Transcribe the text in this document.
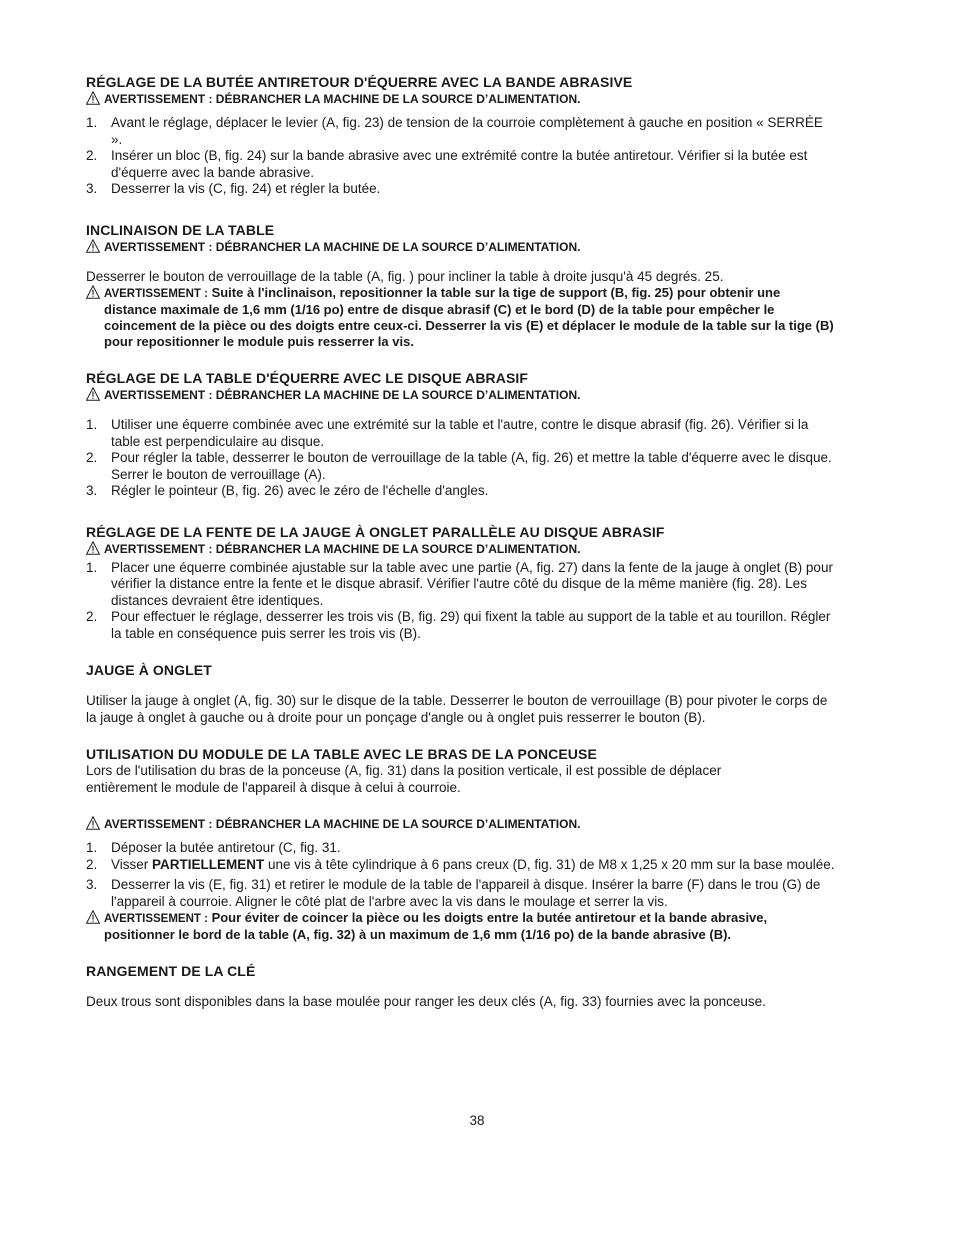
RÉGLAGE DE LA BUTÉE ANTIRETOUR D'ÉQUERRE AVEC LA BANDE ABRASIVE
AVERTISSEMENT : DÉBRANCHER LA MACHINE DE LA SOURCE D’ALIMENTATION.
1.	Avant le réglage, déplacer le levier (A, fig. 23) de tension de la courroie complètement à gauche en position « SERRÉE ».
2.	Insérer un bloc (B, fig. 24) sur la bande abrasive avec une extrémité contre la butée antiretour. Vérifier si la butée est d'équerre avec la bande abrasive.
3.	Desserrer la vis (C, fig. 24) et régler la butée.
INCLINAISON DE LA TABLE
AVERTISSEMENT : DÉBRANCHER LA MACHINE DE LA SOURCE D’ALIMENTATION.

Desserrer le bouton de verrouillage de la table (A, fig. ) pour incliner la table à droite jusqu'à 45 degrés. 25.

AVERTISSEMENT : Suite à l'inclinaison, repositionner la table sur la tige de support (B, fig. 25) pour obtenir une distance maximale de 1,6 mm (1/16 po) entre de disque abrasif (C) et le bord (D) de la table pour empêcher le coincement de la pièce ou des doigts entre ceux-ci. Desserrer la vis (E) et déplacer le module de la table sur la tige (B) pour repositionner le module puis resserrer la vis.
RÉGLAGE DE LA TABLE D'ÉQUERRE AVEC LE DISQUE ABRASIF
AVERTISSEMENT : DÉBRANCHER LA MACHINE DE LA SOURCE D’ALIMENTATION.
1.	Utiliser une équerre combinée avec une extrémité sur la table et l'autre, contre le disque abrasif (fig. 26). Vérifier si la table est perpendiculaire au disque.
2.	Pour régler la table, desserrer le bouton de verrouillage de la table (A, fig. 26) et mettre la table d'équerre avec le disque. Serrer le bouton de verrouillage (A).
3.	Régler le pointeur (B, fig. 26) avec le zéro de l'échelle d'angles.
RÉGLAGE DE LA FENTE DE LA JAUGE À ONGLET PARALLÈLE AU DISQUE ABRASIF
AVERTISSEMENT : DÉBRANCHER LA MACHINE DE LA SOURCE D’ALIMENTATION.
1.	Placer une équerre combinée ajustable sur la table avec une partie (A, fig. 27) dans la fente de la jauge à onglet (B) pour vérifier la distance entre la fente et le disque abrasif. Vérifier l'autre côté du disque de la même manière (fig. 28). Les distances devraient être identiques.
2.	Pour effectuer le réglage, desserrer les trois vis (B, fig. 29) qui fixent la table au support de la table et au tourillon. Régler la table en conséquence puis serrer les trois vis (B).
JAUGE À ONGLET

Utiliser la jauge à onglet (A, fig. 30) sur le disque de la table. Desserrer le bouton de verrouillage (B) pour pivoter le corps de la jauge à onglet à gauche ou à droite pour un ponçage d'angle ou à onglet puis resserrer le bouton (B).

UTILISATION DU MODULE DE LA TABLE AVEC LE BRAS DE LA PONCEUSE

Lors de l'utilisation du bras de la ponceuse (A, fig. 31) dans la position verticale, il est possible de déplacer entièrement le module de l'appareil à disque à celui à courroie.

AVERTISSEMENT : DÉBRANCHER LA MACHINE DE LA SOURCE D’ALIMENTATION.
1.	Déposer la butée antiretour (C, fig. 31.
2.	Visser PARTIELLEMENT une vis à tête cylindrique à 6 pans creux (D, fig. 31) de M8 x 1,25 x 20 mm sur la base moulée.
3.	Desserrer la vis (E, fig. 31) et retirer le module de la table de l'appareil à disque. Insérer la barre (F) dans le trou (G) de l'appareil à courroie. Aligner le côté plat de l'arbre avec la vis dans le moulage et serrer la vis.
AVERTISSEMENT : Pour éviter de coincer la pièce ou les doigts entre la butée antiretour et la bande abrasive, positionner le bord de la table (A, fig. 32) à un maximum de 1,6 mm (1/16 po) de la bande abrasive (B).
RANGEMENT DE LA CLÉ

Deux trous sont disponibles dans la base moulée pour ranger les deux clés (A, fig. 33) fournies avec la ponceuse.

38
